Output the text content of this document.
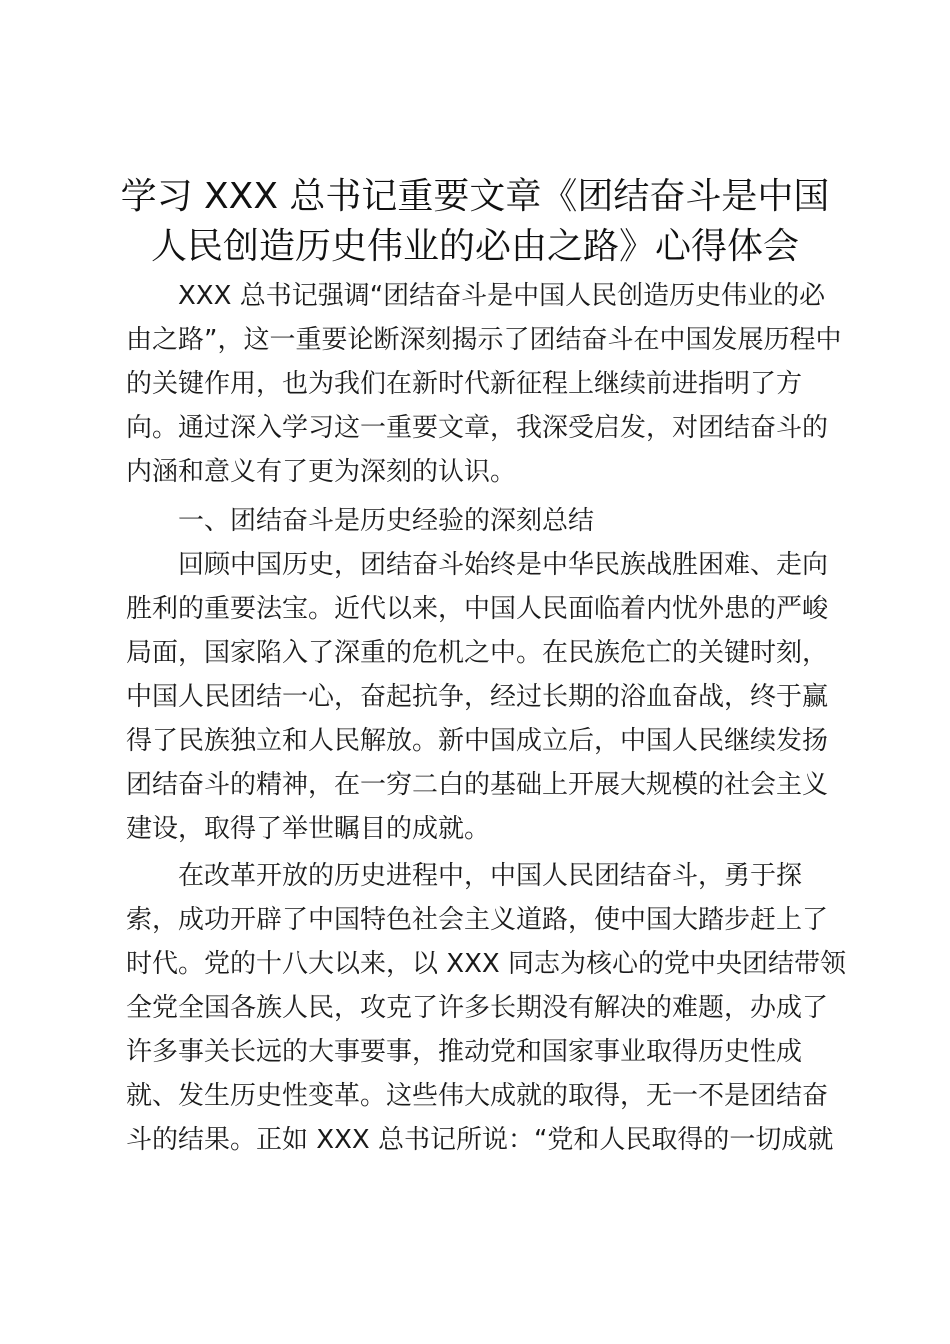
学习 XXX 总书记重要文章《团结奋斗是中国
人民创造历史伟业的必由之路》心得体会
XXX 总书记强调“团结奋斗是中国人民创造历史伟业的必
由之路”，这一重要论断深刻揭示了团结奋斗在中国发展历程中
的关键作用，也为我们在新时代新征程上继续前进指明了方
向。通过深入学习这一重要文章，我深受启发，对团结奋斗的
内涵和意义有了更为深刻的认识。
一、团结奋斗是历史经验的深刻总结
回顾中国历史，团结奋斗始终是中华民族战胜困难、走向
胜利的重要法宝。近代以来，中国人民面临着内忧外患的严峻
局面，国家陷入了深重的危机之中。在民族危亡的关键时刻，
中国人民团结一心，奋起抗争，经过长期的浴血奋战，终于赢
得了民族独立和人民解放。新中国成立后，中国人民继续发扬
团结奋斗的精神，在一穷二白的基础上开展大规模的社会主义
建设，取得了举世瞩目的成就。
在改革开放的历史进程中，中国人民团结奋斗，勇于探
索，成功开辟了中国特色社会主义道路，使中国大踏步赶上了
时代。党的十八大以来，以 XXX 同志为核心的党中央团结带领
全党全国各族人民，攻克了许多长期没有解决的难题，办成了
许多事关长远的大事要事，推动党和国家事业取得历史性成
就、发生历史性变革。这些伟大成就的取得，无一不是团结奋
斗的结果。正如 XXX 总书记所说：“党和人民取得的一切成就
